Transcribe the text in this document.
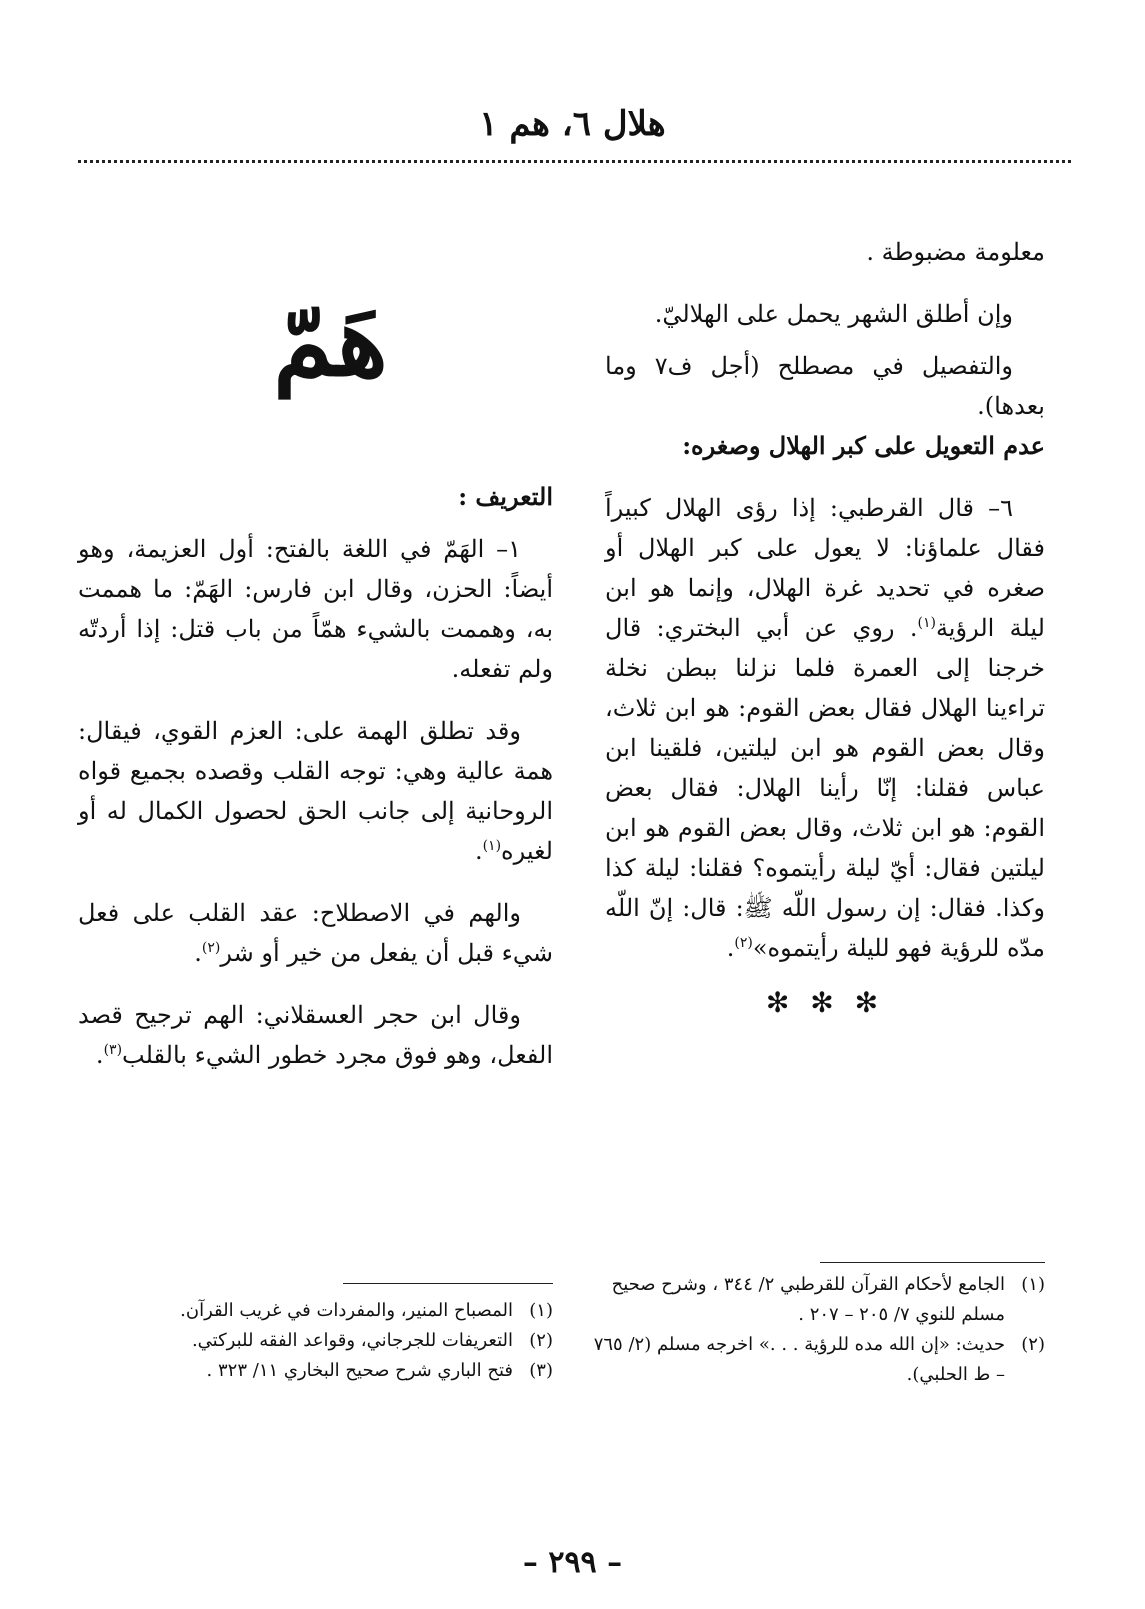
هلال ٦، هم ١

معلومة مضبوطة .

وإن أطلق الشهر يحمل على الهلاليّ.

والتفصيل في مصطلح (أجل ف٧ وما بعدها).

عدم التعويل على كبر الهلال وصغره:

٦– قال القرطبي: إذا رؤى الهلال كبيراً فقال علماؤنا: لا يعول على كبر الهلال أو صغره في تحديد غرة الهلال، وإنما هو ابن ليلة الرؤية$^{(١)}$. روي عن أبي البختري: قال خرجنا إلى العمرة فلما نزلنا ببطن نخلة تراءينا الهلال فقال بعض القوم: هو ابن ثلاث، وقال بعض القوم هو ابن ليلتين، فلقينا ابن عباس فقلنا: إنّا رأينا الهلال: فقال بعض القوم: هو ابن ثلاث، وقال بعض القوم هو ابن ليلتين فقال: أيّ ليلة رأيتموه؟ فقلنا: ليلة كذا وكذا. فقال: إن رسول اللّه ﷺ: قال: إنّ اللّه مدّه للرؤية فهو لليلة رأيتموه»$^{(٢)}$.

✻ ✻ ✻
هَمّ

التعريف :

١– الهَمّ في اللغة بالفتح: أول العزيمة، وهو أيضاً: الحزن، وقال ابن فارس: الهَمّ: ما هممت به، وهممت بالشيء همّاً من باب قتل: إذا أردتّه ولم تفعله.

وقد تطلق الهمة على: العزم القوي، فيقال: همة عالية وهي: توجه القلب وقصده بجميع قواه الروحانية إلى جانب الحق لحصول الكمال له أو لغيره$^{(١)}$.

والهم في الاصطلاح: عقد القلب على فعل شيء قبل أن يفعل من خير أو شر$^{(٢)}$.

وقال ابن حجر العسقلاني: الهم ترجيح قصد الفعل، وهو فوق مجرد خطور الشيء بالقلب$^{(٣)}$.

(١)

الجامع لأحكام القرآن للقرطبي ٢/ ٣٤٤ ، وشرح صحيح مسلم للنوي ٧/ ٢٠٥ – ٢٠٧ .

(٢)

حديث: «إن الله مده للرؤية . . .» اخرجه مسلم (٢/ ٧٦٥ – ط الحلبي).

(١)

المصباح المنير، والمفردات في غريب القرآن.

(٢)

التعريفات للجرجاني، وقواعد الفقه للبركتي.

(٣)

فتح الباري شرح صحيح البخاري ١١/ ٣٢٣ .

– ٢٩٩ –
